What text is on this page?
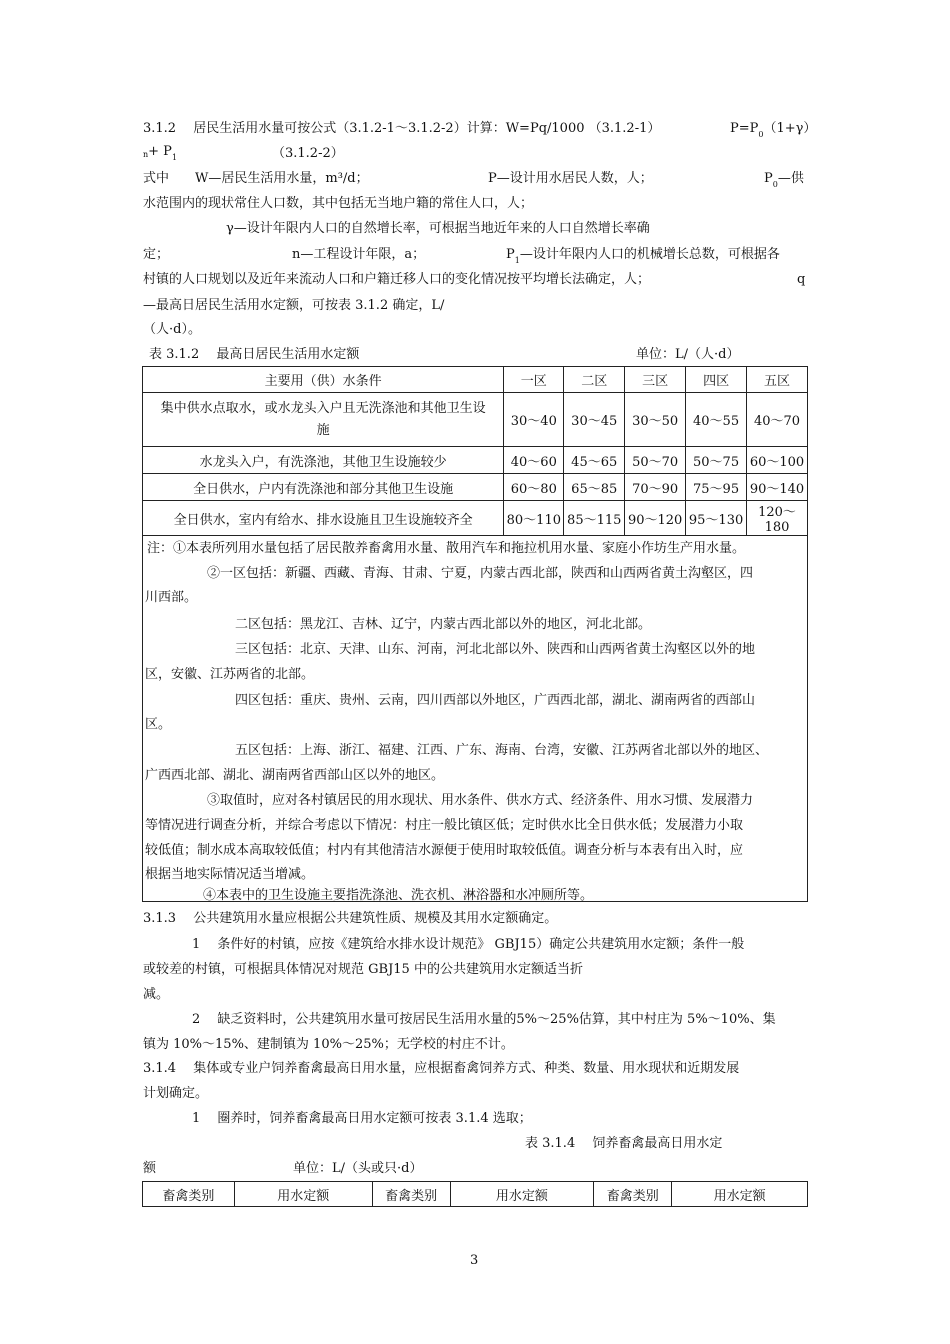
3.1.2　 居民生活用水量可按公式（3.1.2-1～3.1.2-2）计算：W=Pq/1000 （3.1.2-1）	$P=P_0(1+\gamma)$
$n+ P_1$	（3.1.2-2）
式中　　W—居民生活用水量，m³/d；	P—设计用水居民人数，人；	$P_0—$供
水范围内的现状常住人口数，其中包括无当地户籍的常住人口，人；
γ—设计年限内人口的自然增长率，可根据当地近年来的人口自然增长率确
定；	n—工程设计年限，a；	$P_1—$设计年限内人口的机械增长总数，可根据各
村镇的人口规划以及近年来流动人口和户籍迁移人口的变化情况按平均增长法确定，人；	q
—最高日居民生活用水定额，可按表 3.1.2 确定，L/
（人·d）。
表 3.1.2　 最高日居民生活用水定额	单位：L/（人·d）
主要用（供）水条件	一区	二区	三区	四区	五区
集中供水点取水，或水龙头入户且无洗涤池和其他卫生设
施	30～40	30～45	30～50	40～55	40～70
水龙头入户，有洗涤池，其他卫生设施较少	40～60	45～65	50～70	50～75	60～100
全日供水，户内有洗涤池和部分其他卫生设施	60～80	65～85	70～90	75～95	90～140
全日供水，室内有给水、排水设施且卫生设施较齐全	80～110	85～115	90～120	95～130	120～180
注：①本表所列用水量包括了居民散养畜禽用水量、散用汽车和拖拉机用水量、家庭小作坊生产用水量。
②一区包括：新疆、西藏、青海、甘肃、宁夏，内蒙古西北部，陕西和山西两省黄土沟壑区，四
川西部。
二区包括：黑龙江、吉林、辽宁，内蒙古西北部以外的地区，河北北部。
三区包括：北京、天津、山东、河南，河北北部以外、陕西和山西两省黄土沟壑区以外的地
区，安徽、江苏两省的北部。
四区包括：重庆、贵州、云南，四川西部以外地区，广西西北部，湖北、湖南两省的西部山
区。
五区包括：上海、浙江、福建、江西、广东、海南、台湾，安徽、江苏两省北部以外的地区、
广西西北部、湖北、湖南两省西部山区以外的地区。
③取值时，应对各村镇居民的用水现状、用水条件、供水方式、经济条件、用水习惯、发展潜力
等情况进行调查分析，并综合考虑以下情况：村庄一般比镇区低；定时供水比全日供水低；发展潜力小取
较低值；制水成本高取较低值；村内有其他清洁水源便于使用时取较低值。调查分析与本表有出入时，应
根据当地实际情况适当增减。
④本表中的卫生设施主要指洗涤池、洗衣机、淋浴器和水冲厕所等。
3.1.3　 公共建筑用水量应根据公共建筑性质、规模及其用水定额确定。
1　 条件好的村镇，应按《建筑给水排水设计规范》 GBJ15）确定公共建筑用水定额；条件一般
或较差的村镇，可根据具体情况对规范 GBJ15 中的公共建筑用水定额适当折
减。
2　 缺乏资料时，公共建筑用水量可按居民生活用水量的5%～25%估算，其中村庄为 5%～10%、集
镇为 10%～15%、建制镇为 10%～25%；无学校的村庄不计。
3.1.4　 集体或专业户饲养畜禽最高日用水量，应根据畜禽饲养方式、种类、数量、用水现状和近期发展
计划确定。
1　 圈养时，饲养畜禽最高日用水定额可按表 3.1.4 选取；
表 3.1.4　 饲养畜禽最高日用水定
额	单位：L/（头或只·d）
畜禽类别	用水定额	畜禽类别	用水定额	畜禽类别	用水定额
3
